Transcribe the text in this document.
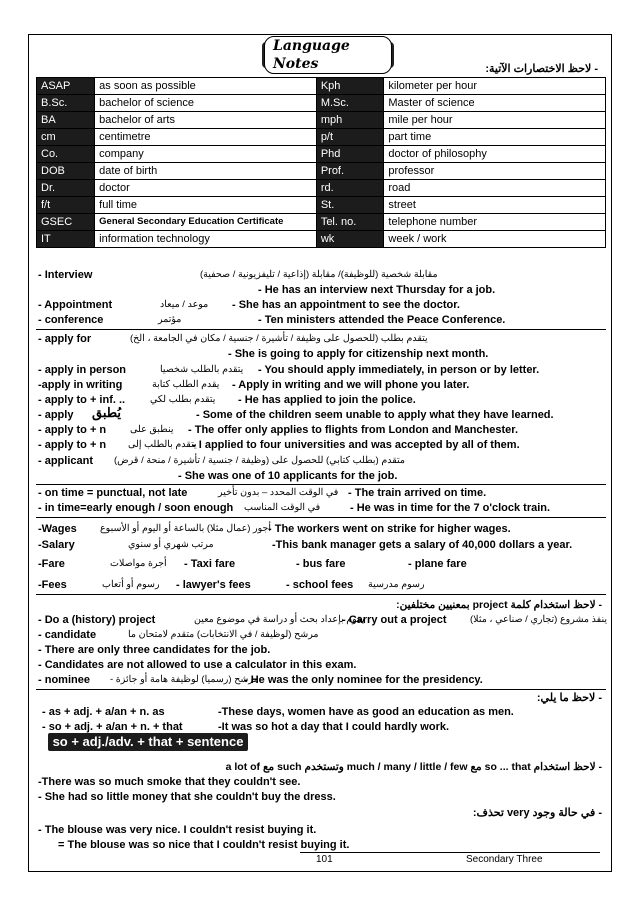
Language Notes	- لاحظ الاختصارات الآتية:
ASAP	as soon as possible	Kph	kilometer per hour
B.Sc.	bachelor of science	M.Sc.	Master of science
BA	bachelor of arts	mph	mile per hour
cm	centimetre	p/t	part time
Co.	company	Phd	doctor of philosophy
DOB	date of birth	Prof.	professor
Dr.	doctor	rd.	road
f/t	full time	St.	street
GSEC	General Secondary Education Certificate	Tel. no.	telephone number
IT	information technology	wk	week / work
- Interview	مقابلة شخصية (للوظيفة)/ مقابلة (إذاعية / تليفزيونية / صحفية)
- He has an interview next Thursday for a job.
- Appointment	موعد / ميعاد - She has an appointment to see the doctor.
- conference	مؤتمر	- Ten ministers attended the Peace Conference.
- apply for	يتقدم بطلب (للحصول على وظيفة / تأشيرة / جنسية / مكان في الجامعة ، الخ)
- She is going to apply for citizenship next month.
- apply in person	يتقدم بالطلب شخصيا - You should apply immediately, in person or by letter.
-apply in writing	يقدم الطلب كتابة - Apply in writing and we will phone you later.
- apply to + inf. ..	يتقدم بطلب لكي - He has applied to join the police.
- apply يُطبق	- Some of the children seem unable to apply what they have learned.
- apply to + n	ينطبق على - The offer only applies to flights from London and Manchester.
- apply to + n يتقدم بالطلب إلى
- I applied to four universities and was accepted by all of them.
- applicant متقدم (بطلب كتابي) للحصول على (وظيفة / جنسية / تأشيرة / منحة / قرض)
- She was one of 10 applicants for the job.
- on time = punctual, not late	في الوقت المحدد – بدون تأخير - The train arrived on time.
- in time=early enough / soon enough في الوقت المناسب	- He was in time for the 7 o'clock train.
-Wages أجور (عمال مثلا) بالساعة أو اليوم أو الأسبوع
- The workers went on strike for higher wages.
-Salary	مرتب شهري أو سنوي	-This bank manager gets a salary of 40,000 dollars a year.
-Fare	أجرة مواصلات - Taxi fare	- bus fare	- plane fare
-Fees	رسوم أو أتعاب - lawyer's fees	- school fees رسوم مدرسية
- لاحظ استخدام كلمة project بمعنيين مختلفين:
- Do a (history) project	يقوم بإعداد بحث أو دراسة في موضوع معين
- Carry out a project ينفذ مشروع (تجاري / صناعي ، مثلا)
- candidate	مرشح (لوظيفة / في الانتخابات) متقدم لامتحان ما
- There are only three candidates for the job.
- Candidates are not allowed to use a calculator in this exam.
- nominee مرشح (رسميا) لوظيفة هامة أو جائزة -
- He was the only nominee for the presidency.
- لاحظ ما يلي:
- as + adj. + a/an + n. as	-These days, women have as good an education as men.
- so + adj. + a/an + n. + that	-It was so hot a day that I could hardly work.
so + adj./adv. + that + sentence
- لاحظ استخدام so ... that مع much / many / little / few وتستخدم such مع a lot of
-There was so much smoke that they couldn't see.
- She had so little money that she couldn't buy the dress.
- في حالة وجود very تحذف:
- The blouse was very nice. I couldn't resist buying it.
= The blouse was so nice that I couldn't resist buying it.
101	Secondary Three
